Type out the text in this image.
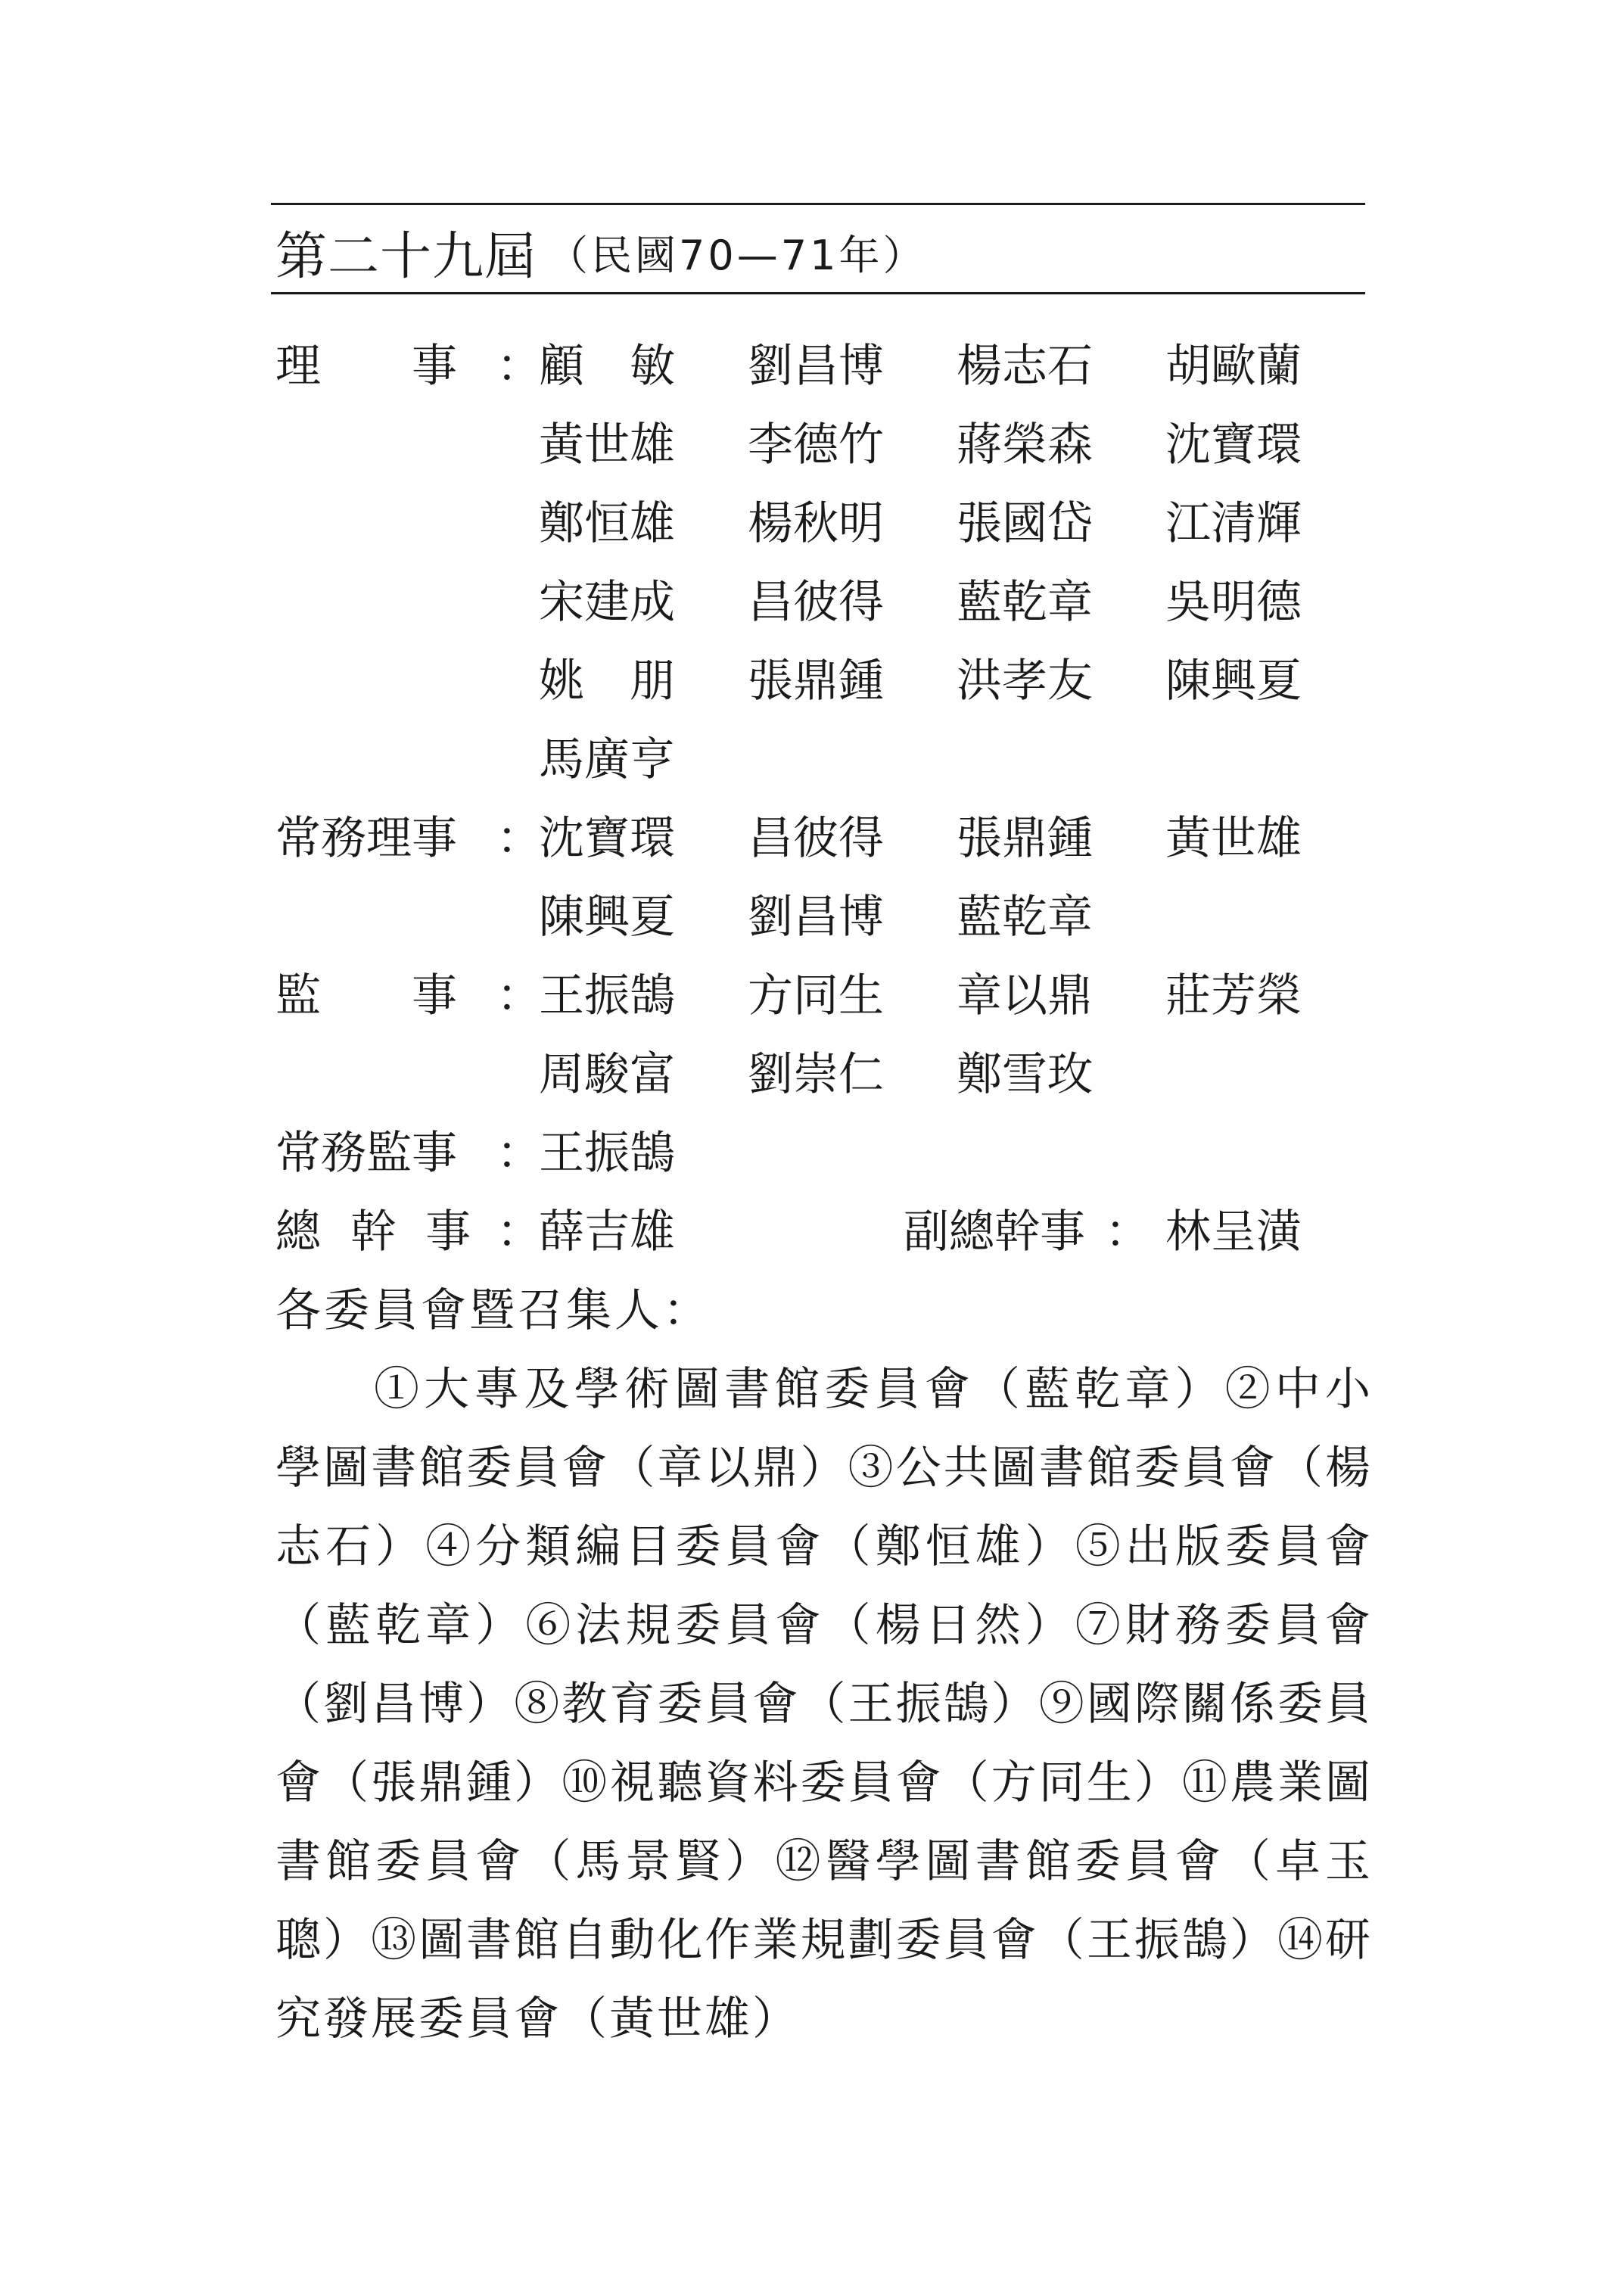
第二十九屆 （民國70—71年）
理　　事 ：
顧　敏	劉昌博	楊志石	胡歐蘭
黃世雄	李德竹	蔣榮森	沈寶環
鄭恒雄	楊秋明	張國岱	江清輝
宋建成	昌彼得	藍乾章	吳明德
姚　朋	張鼎鍾	洪孝友	陳興夏
馬廣亨
常務理事 ：
沈寶環	昌彼得	張鼎鍾	黃世雄
陳興夏	劉昌博	藍乾章
監　　事 ：
王振鵠	方同生	章以鼎	莊芳榮
周駿富	劉崇仁	鄭雪玫
常務監事 ：
王振鵠
總 幹 事 ：
薛吉雄	副總幹事 ： 林呈潢
各委員會暨召集人：
①大專及學術圖書館委員會（藍乾章）②中小學圖書館委員會（章以鼎）③公共圖書館委員會（楊志石）④分類編目委員會（鄭恒雄）⑤出版委員會（藍乾章）⑥法規委員會（楊日然）⑦財務委員會（劉昌博）⑧教育委員會（王振鵠）⑨國際關係委員會（張鼎鍾）⑩視聽資料委員會（方同生）⑪農業圖書館委員會（馬景賢）⑫醫學圖書館委員會（卓玉聰）⑬圖書館自動化作業規劃委員會（王振鵠）⑭研究發展委員會（黃世雄）
